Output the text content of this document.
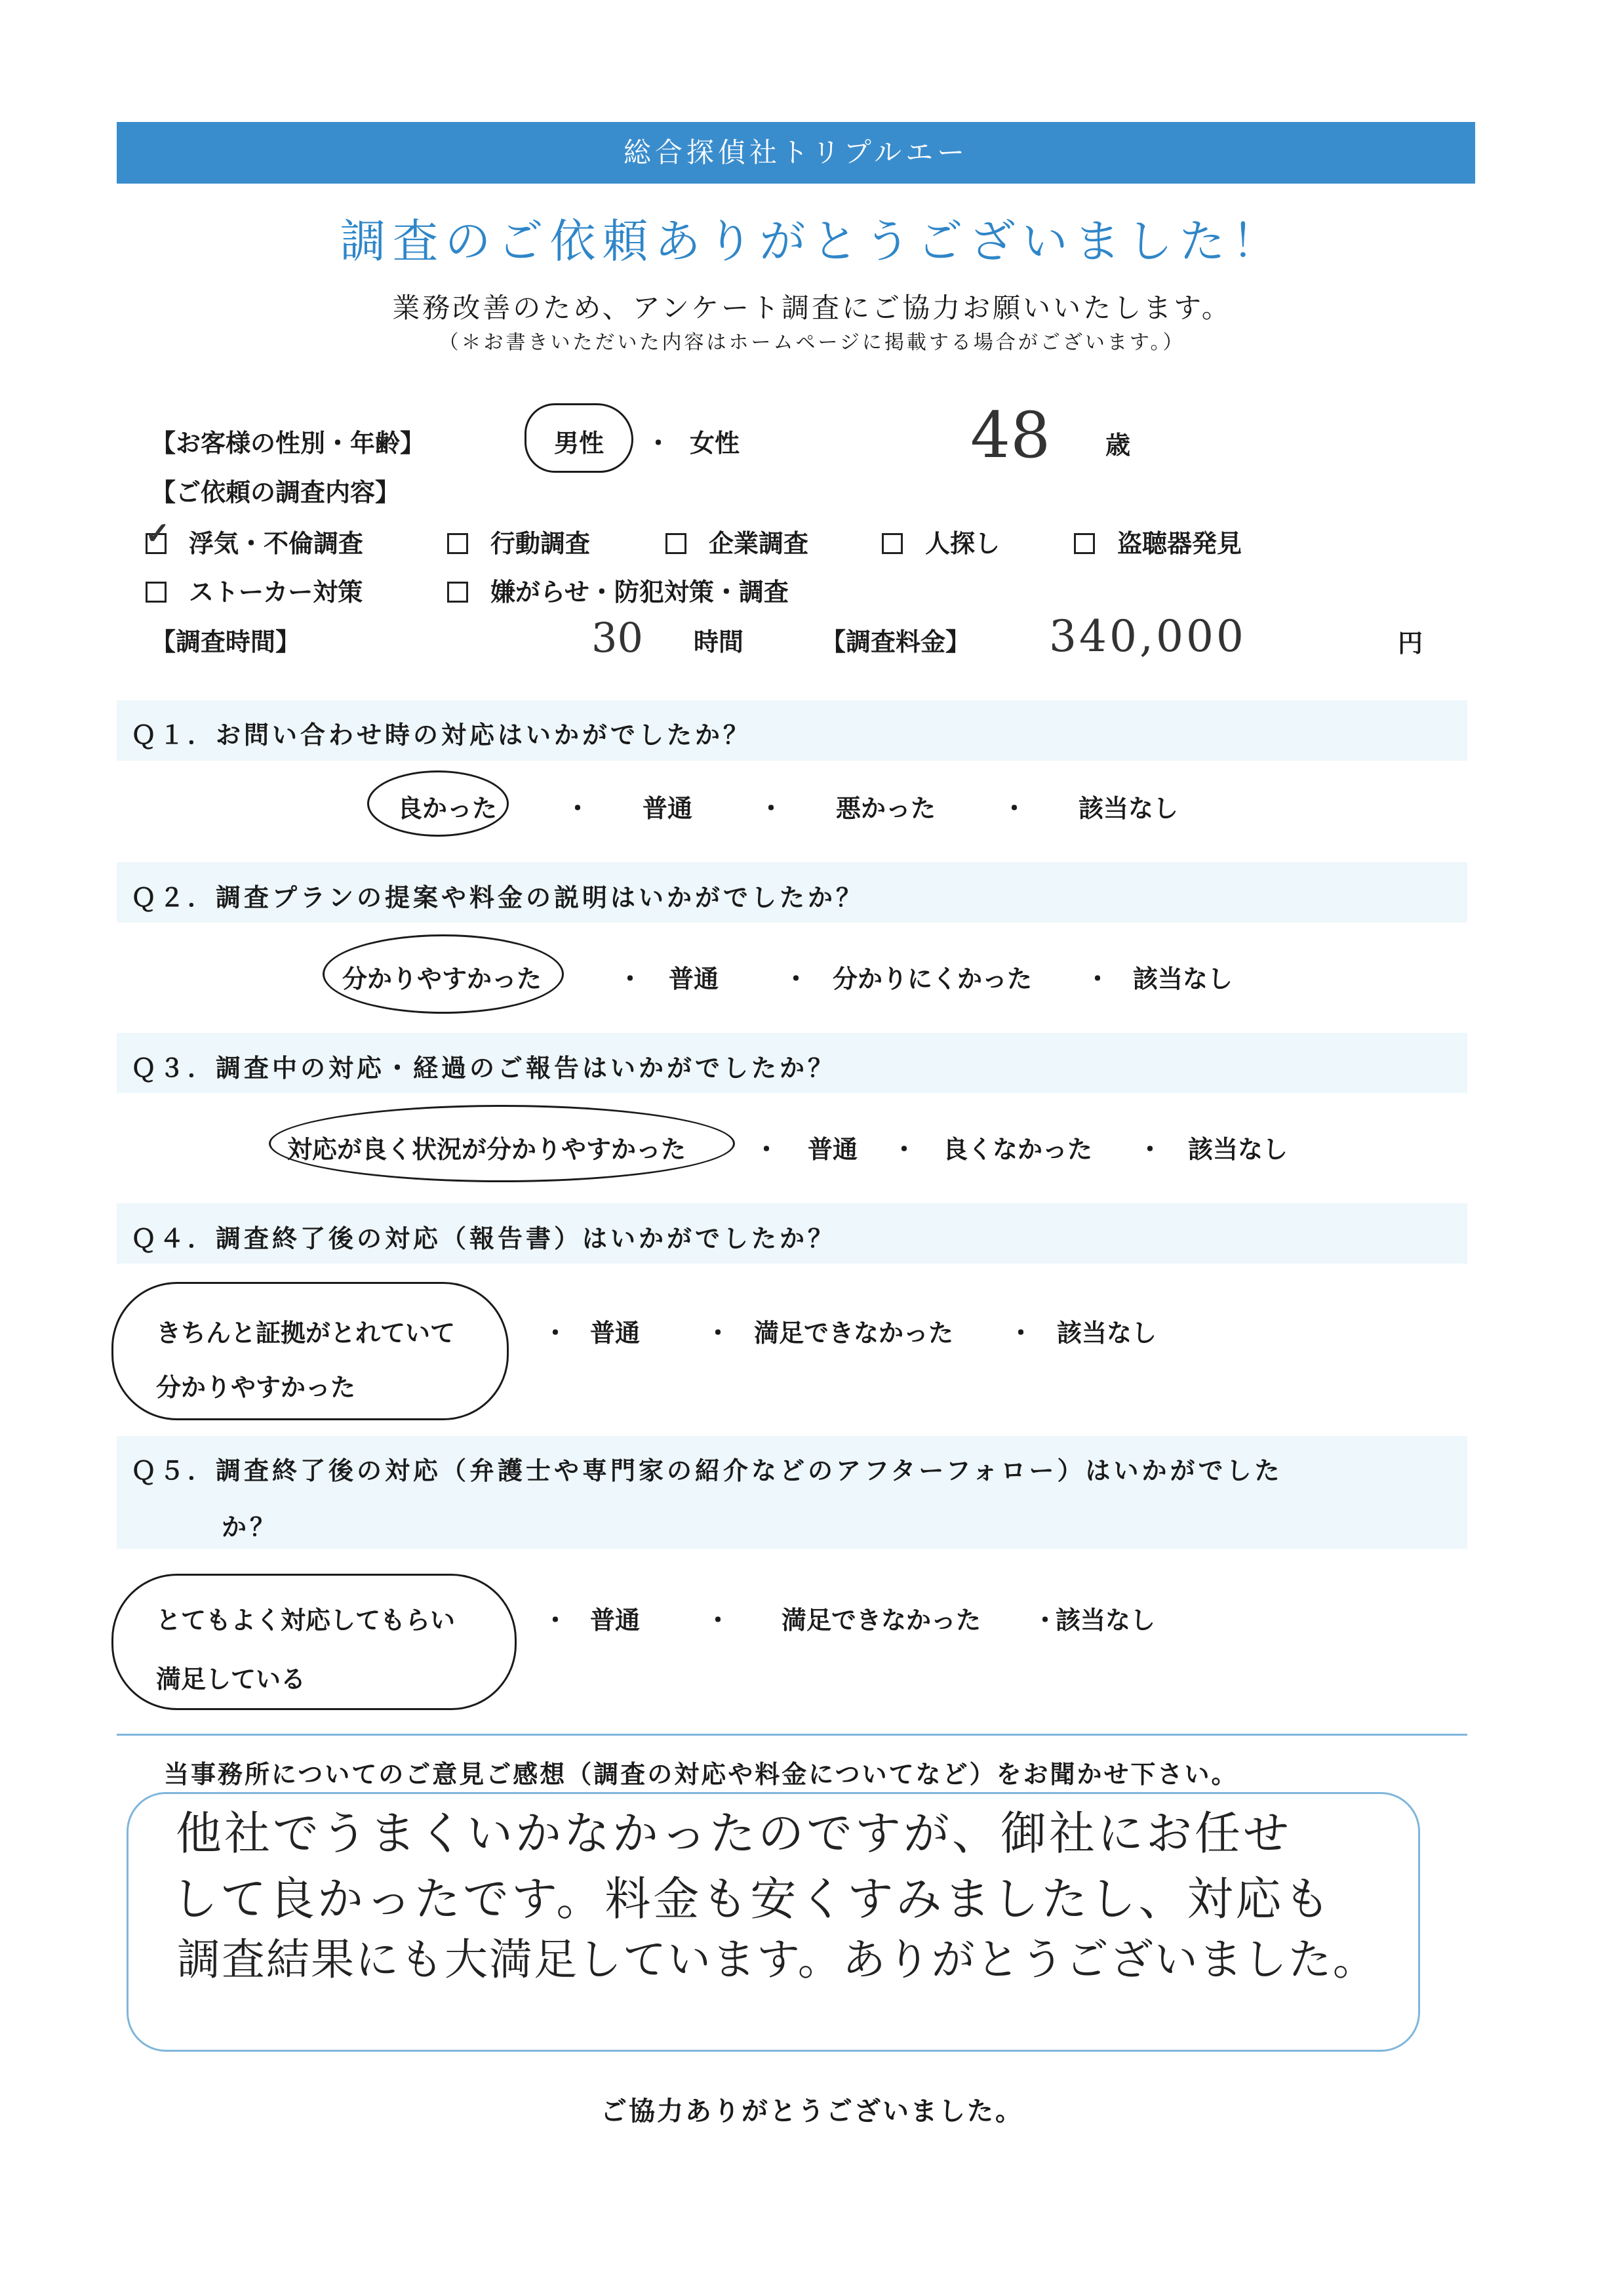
総合探偵社トリプルエー
調査のご依頼ありがとうございました！
業務改善のため、アンケート調査にご協力お願いいたします。
（＊お書きいただいた内容はホームページに掲載する場合がございます。）
【お客様の性別・年齢】	男性 ・ 女性	48 歳
【ご依頼の調査内容】
✓ 浮気・不倫調査	行動調査	企業調査	人探し	盗聴器発見
ストーカー対策	嫌がらせ・防犯対策・調査
【調査時間】	30 時間	【調査料金】 340,000	円
Ｑ１．お問い合わせ時の対応はいかがでしたか？
良かった	・ 普通	・ 悪かった	・ 該当なし
Ｑ２．調査プランの提案や料金の説明はいかがでしたか？
分かりやすかった	・ 普通	・ 分かりにくかった ・ 該当なし
Ｑ３．調査中の対応・経過のご報告はいかがでしたか？
対応が良く状況が分かりやすかった	・ 普通 ・ 良くなかった ・ 該当なし
Ｑ４．調査終了後の対応（報告書）はいかがでしたか？
きちんと証拠がとれていて
分かりやすかった
・ 普通	・ 満足できなかった ・ 該当なし
Ｑ５．調査終了後の対応（弁護士や専門家の紹介などのアフターフォロー）はいかがでした
か？
とてもよく対応してもらい
満足している
・ 普通	・ 満足できなかった ・
該当なし
当事務所についてのご意見ご感想（調査の対応や料金についてなど）をお聞かせ下さい。
他社でうまくいかなかったのですが、御社にお任せ
して良かったです。料金も安くすみましたし、対応も
調査結果にも大満足しています。ありがとうございました。
ご協力ありがとうございました。
